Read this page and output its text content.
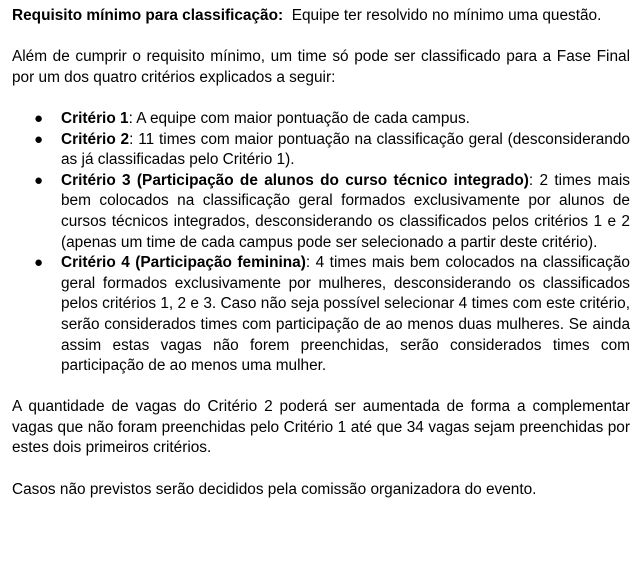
Requisito mínimo para classificação:  Equipe ter resolvido no mínimo uma questão.

Além de cumprir o requisito mínimo, um time só pode ser classificado para a Fase Final por um dos quatro critérios explicados a seguir:

● Critério 1: A equipe com maior pontuação de cada campus.
● Critério 2: 11 times com maior pontuação na classificação geral (desconsiderando as já classificadas pelo Critério 1).
● Critério 3 (Participação de alunos do curso técnico integrado): 2 times mais bem colocados na classificação geral formados exclusivamente por alunos de cursos técnicos integrados, desconsiderando os classificados pelos critérios 1 e 2 (apenas um time de cada campus pode ser selecionado a partir deste critério).
● Critério 4 (Participação feminina): 4 times mais bem colocados na classificação geral formados exclusivamente por mulheres, desconsiderando os classificados pelos critérios 1, 2 e 3. Caso não seja possível selecionar 4 times com este critério, serão considerados times com participação de ao menos duas mulheres. Se ainda assim estas vagas não forem preenchidas, serão considerados times com participação de ao menos uma mulher.

A quantidade de vagas do Critério 2 poderá ser aumentada de forma a complementar vagas que não foram preenchidas pelo Critério 1 até que 34 vagas sejam preenchidas por estes dois primeiros critérios.

Casos não previstos serão decididos pela comissão organizadora do evento.
